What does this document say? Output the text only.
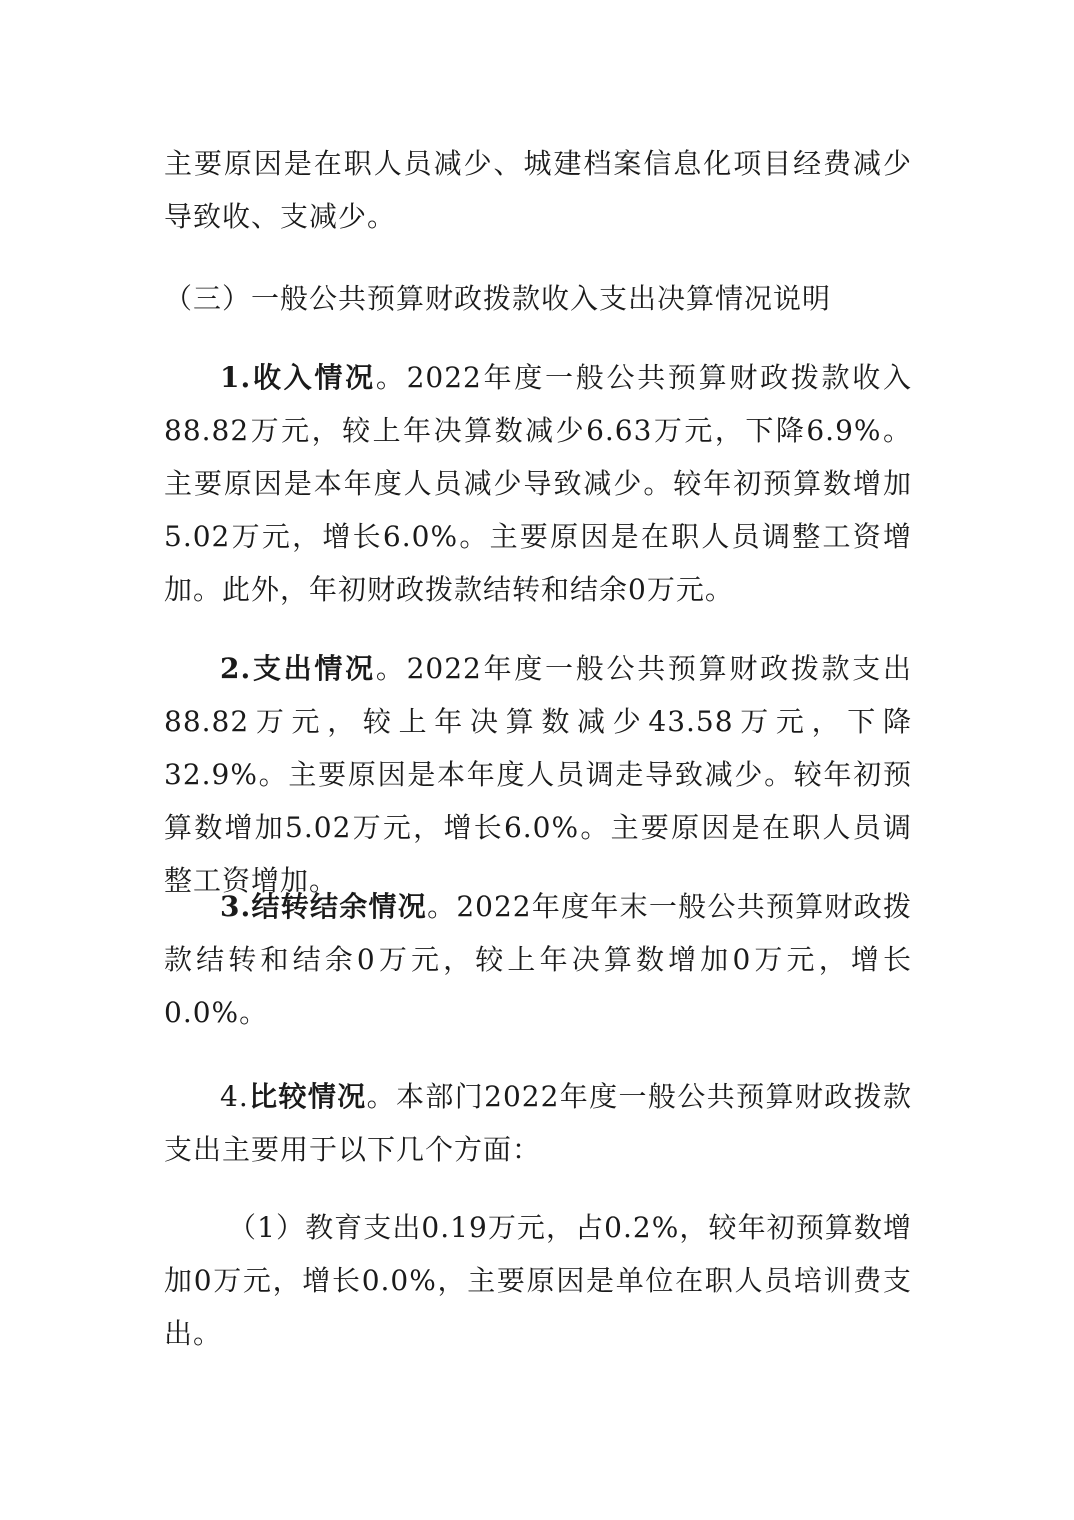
主要原因是在职人员减少、城建档案信息化项目经费减少导致收、支减少。

（三）一般公共预算财政拨款收入支出决算情况说明

1.收入情况。2022年度一般公共预算财政拨款收入88.82万元，较上年决算数减少6.63万元，下降6.9%。主要原因是本年度人员减少导致减少。较年初预算数增加5.02万元，增长6.0%。主要原因是在职人员调整工资增加。此外，年初财政拨款结转和结余0万元。

2.支出情况。2022年度一般公共预算财政拨款支出88.82万元，较上年决算数减少43.58万元，下降32.9%。主要原因是本年度人员调走导致减少。较年初预算数增加5.02万元，增长6.0%。主要原因是在职人员调整工资增加。

3.结转结余情况。2022年度年末一般公共预算财政拨款结转和结余0万元，较上年决算数增加0万元，增长0.0%。

4.比较情况。本部门2022年度一般公共预算财政拨款支出主要用于以下几个方面：

（1）教育支出0.19万元，占0.2%，较年初预算数增加0万元，增长0.0%，主要原因是单位在职人员培训费支出。
